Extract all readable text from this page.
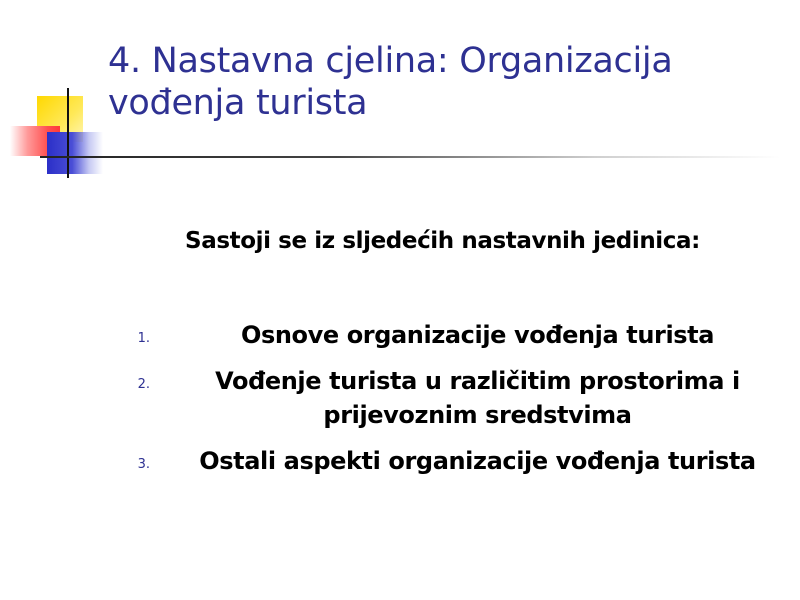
4. Nastavna cjelina: Organizacija
vođenja turista
Sastoji se iz sljedećih nastavnih jedinica:
1.	Osnove organizacije vođenja turista
2.	Vođenje turista u različitim prostorima i prijevoznim sredstvima
3.	Ostali aspekti organizacije vođenja turista
